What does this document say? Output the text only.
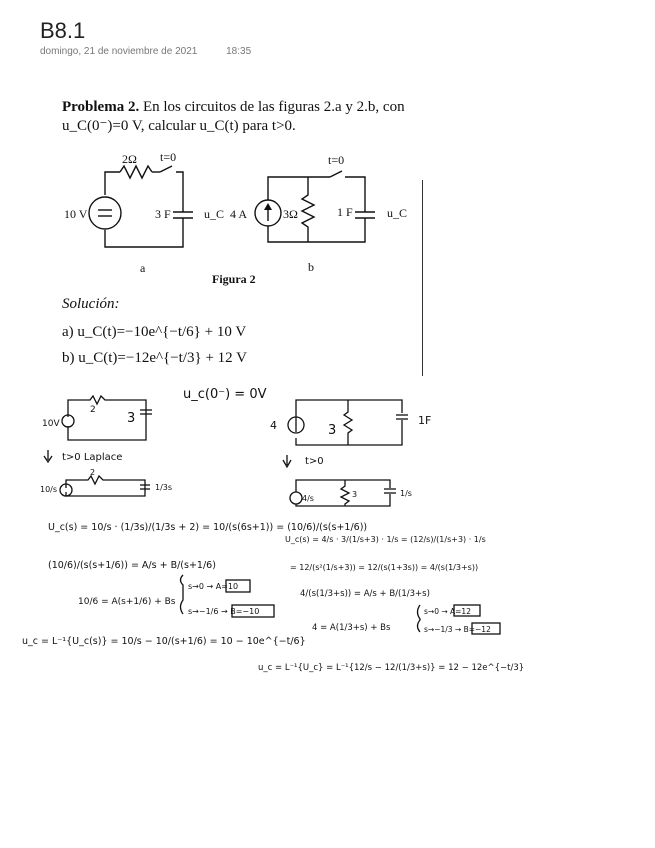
B8.1
domingo, 21 de noviembre de 2021	18:35
Problema 2. En los circuitos de las figuras 2.a y 2.b, con
u_C(0⁻)=0 V, calcular u_C(t) para t>0.
2Ω t=0
10 V	3 F	u_C 4 A	3Ω
t=0
1 F	u_C
a	b
Figura 2
Solución:
a) u_C(t)=−10e^{−t/6} + 10 V
b) u_C(t)=−12e^{−t/3} + 12 V
u_c(0⁻) = 0V
10V
2
3
t>0 Laplace
10/s
2
1/3s
U_c(s) = 10/s · (1/3s)/(1/3s + 2) = 10/(s(6s+1)) = (10/6)/(s(s+1/6))
(10/6)/(s(s+1/6)) = A/s + B/(s+1/6)
10/6 = A(s+1/6) + Bs
s→0 → A=10
s→−1/6 → B=−10
u_c = L⁻¹{U_c(s)} = 10/s − 10/(s+1/6) = 10 − 10e^{−t/6}
4	3
1F
t>0
4/s	3	1/s
U_c(s) = 4/s · 3/(1/s+3) · 1/s = (12/s)/(1/s+3) · 1/s
= 12/(s²(1/s+3)) = 12/(s(1+3s)) = 4/(s(1/3+s))
4/(s(1/3+s)) = A/s + B/(1/3+s)
4 = A(1/3+s) + Bs
s→0 → A=12
s→−1/3 → B=−12
u_c = L⁻¹{U_c} = L⁻¹{12/s − 12/(1/3+s)} = 12 − 12e^{−t/3}
